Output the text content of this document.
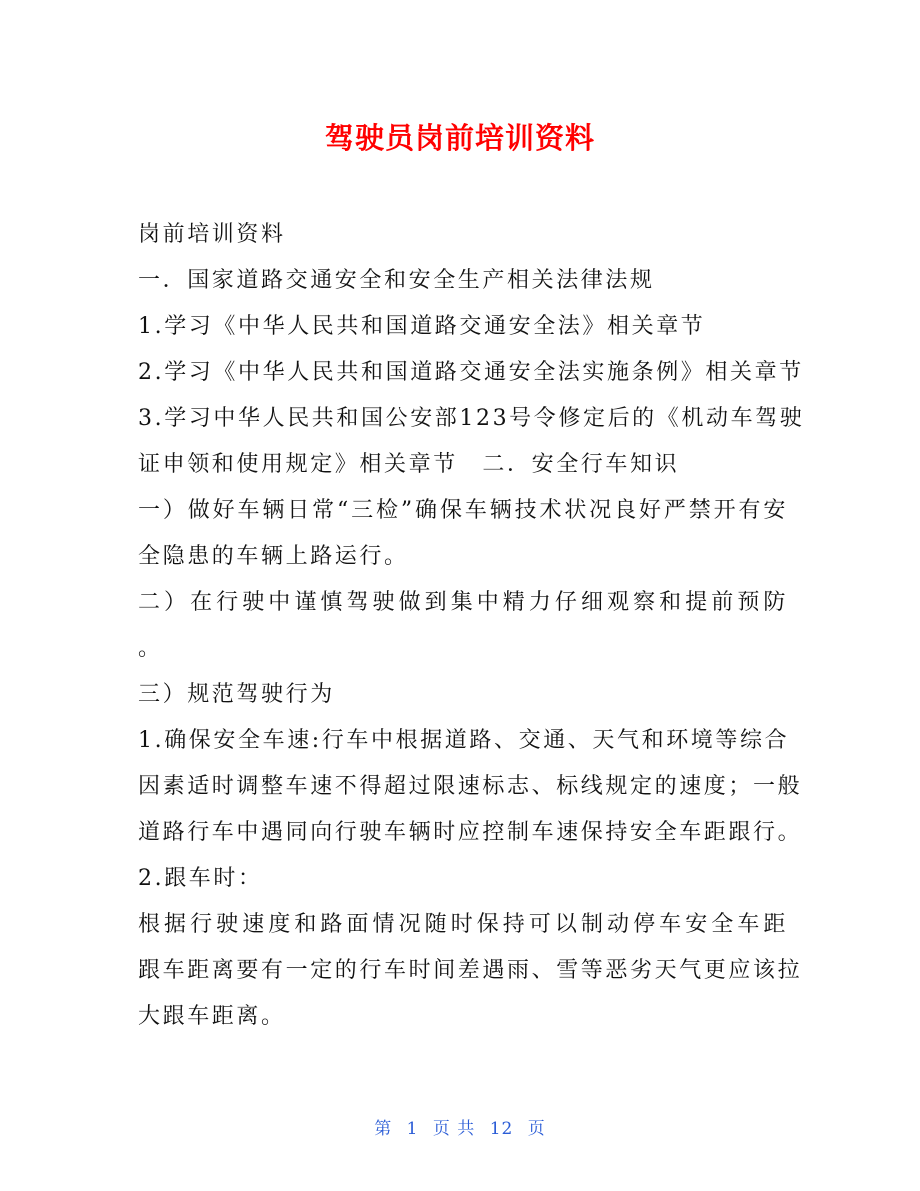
驾驶员岗前培训资料
岗前培训资料
一．国家道路交通安全和安全生产相关法律法规
1.学习《中华人民共和国道路交通安全法》相关章节
2.学习《中华人民共和国道路交通安全法实施条例》相关章节
3.学习中华人民共和国公安部123号令修定后的《机动车驾驶
证申领和使用规定》相关章节　二．安全行车知识
一）做好车辆日常“三检”确保车辆技术状况良好严禁开有安
全隐患的车辆上路运行。
二）在行驶中谨慎驾驶做到集中精力仔细观察和提前预防
。
三）规范驾驶行为
1.确保安全车速:行车中根据道路、交通、天气和环境等综合
因素适时调整车速不得超过限速标志、标线规定的速度；一般
道路行车中遇同向行驶车辆时应控制车速保持安全车距跟行。
2.跟车时：
根据行驶速度和路面情况随时保持可以制动停车安全车距
跟车距离要有一定的行车时间差遇雨、雪等恶劣天气更应该拉
大跟车距离。
第 1 页 共 12 页
